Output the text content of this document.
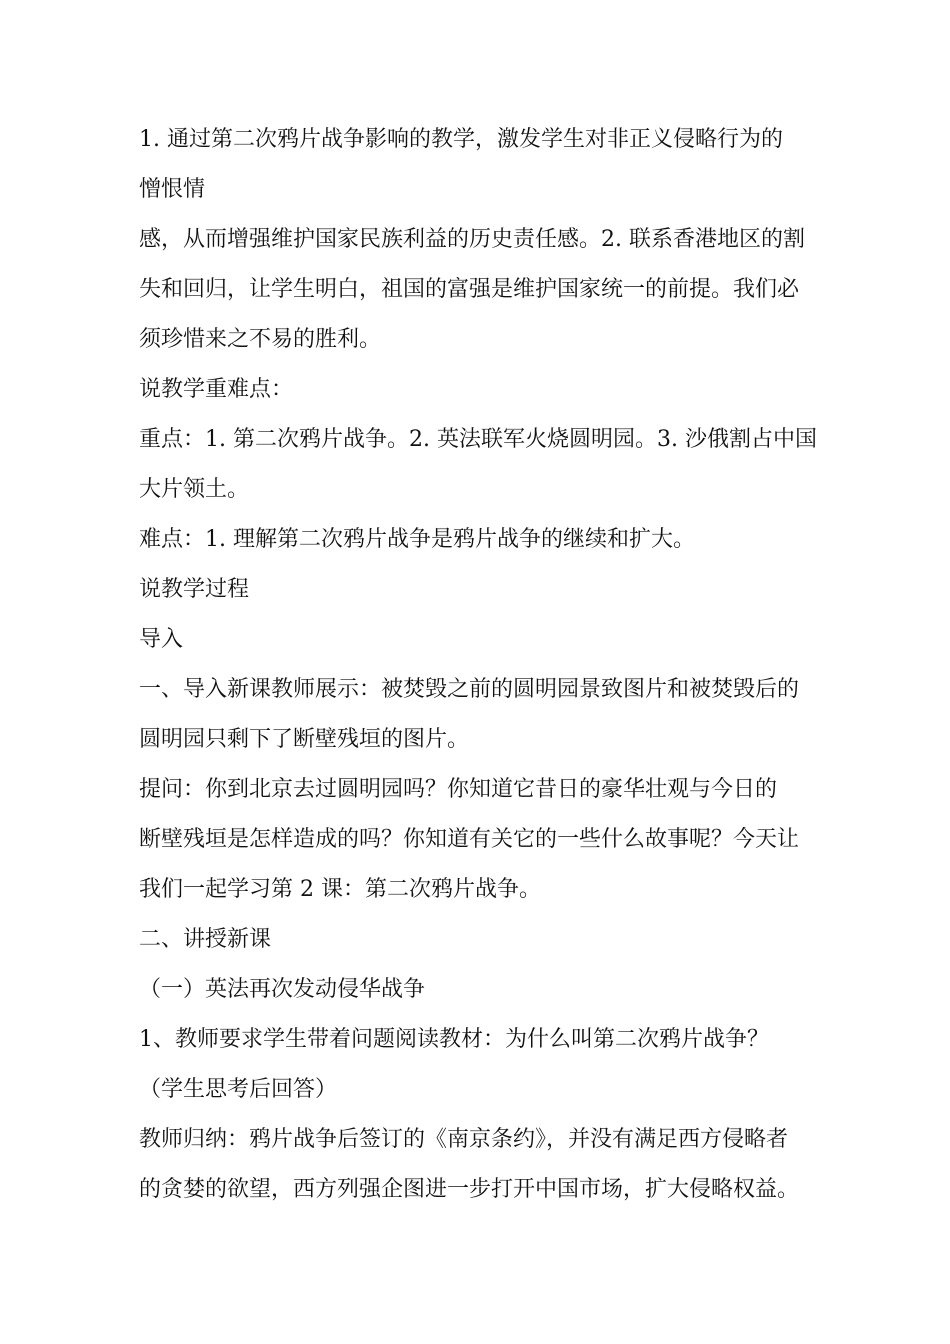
1. 通过第二次鸦片战争影响的教学，激发学生对非正义侵略行为的
憎恨情
感，从而增强维护国家民族利益的历史责任感。2. 联系香港地区的割
失和回归，让学生明白，祖国的富强是维护国家统一的前提。我们必
须珍惜来之不易的胜利。
说教学重难点：
重点：1. 第二次鸦片战争。2. 英法联军火烧圆明园。3. 沙俄割占中国
大片领土。
难点：1. 理解第二次鸦片战争是鸦片战争的继续和扩大。
说教学过程
导入
一、导入新课教师展示：被焚毁之前的圆明园景致图片和被焚毁后的
圆明园只剩下了断壁残垣的图片。
提问：你到北京去过圆明园吗？你知道它昔日的豪华壮观与今日的
断壁残垣是怎样造成的吗？你知道有关它的一些什么故事呢？今天让
我们一起学习第 2 课：第二次鸦片战争。
二、讲授新课
（一）英法再次发动侵华战争
1、教师要求学生带着问题阅读教材：为什么叫第二次鸦片战争？
（学生思考后回答）
教师归纳：鸦片战争后签订的《南京条约》，并没有满足西方侵略者
的贪婪的欲望，西方列强企图进一步打开中国市场，扩大侵略权益。
